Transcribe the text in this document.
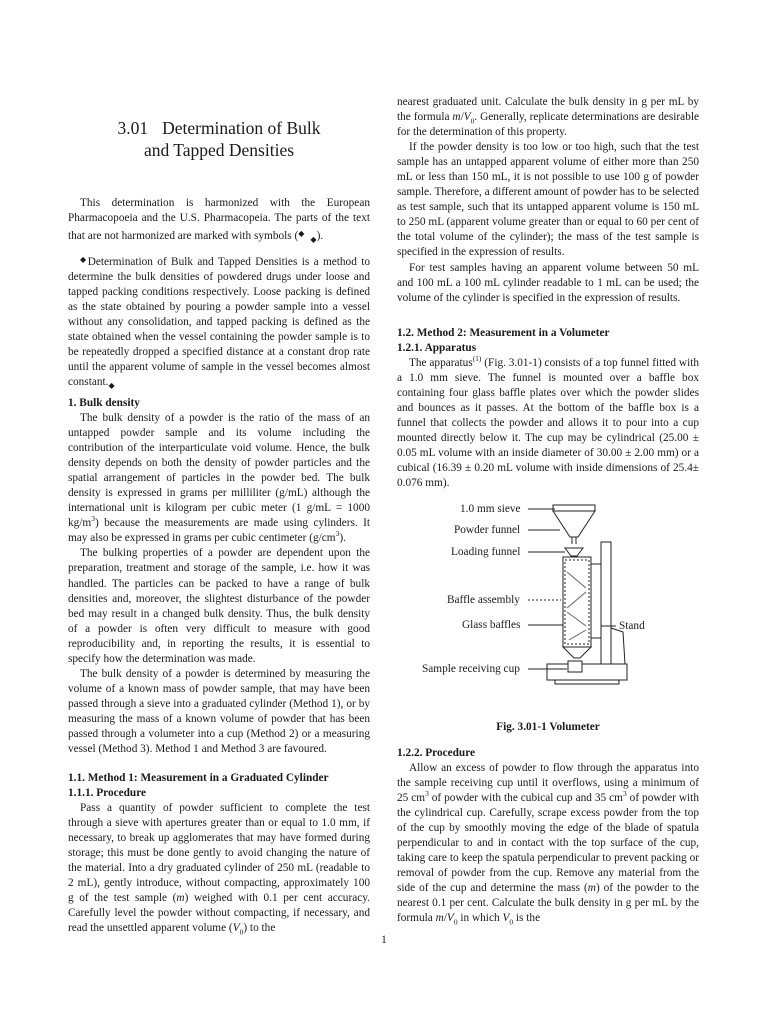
3.01 Determination of Bulk
and Tapped Densities

This determination is harmonized with the European Pharmacopoeia and the U.S. Pharmacopeia. The parts of the text that are not harmonized are marked with symbols $(^◆_◆)$.

◆Determination of Bulk and Tapped Densities is a method to determine the bulk densities of powdered drugs under loose and tapped packing conditions respectively. Loose packing is defined as the state obtained by pouring a powder sample into a vessel without any consolidation, and tapped packing is defined as the state obtained when the vessel containing the powder sample is to be repeatedly dropped a specified distance at a constant drop rate until the apparent volume of sample in the vessel becomes almost $constant._◆$

1. Bulk density

The bulk density of a powder is the ratio of the mass of an untapped powder sample and its volume including the contribution of the interparticulate void volume. Hence, the bulk density depends on both the density of powder particles and the spatial arrangement of particles in the powder bed. The bulk density is expressed in grams per milliliter (g/mL) although the international unit is kilogram per cubic meter (1 g/mL = 1000 $kg/m^3$) because the measurements are made using cylinders. It may also be expressed in grams per cubic centimeter $(g/cm^3)$.

The bulking properties of a powder are dependent upon the preparation, treatment and storage of the sample, i.e. how it was handled. The particles can be packed to have a range of bulk densities and, moreover, the slightest disturbance of the powder bed may result in a changed bulk density. Thus, the bulk density of a powder is often very difficult to measure with good reproducibility and, in reporting the results, it is essential to specify how the determination was made.

The bulk density of a powder is determined by measuring the volume of a known mass of powder sample, that may have been passed through a sieve into a graduated cylinder (Method 1), or by measuring the mass of a known volume of powder that has been passed through a volumeter into a cup (Method 2) or a measuring vessel (Method 3). Method 1 and Method 3 are favoured.

1.1. Method 1: Measurement in a Graduated Cylinder

1.1.1. Procedure

Pass a quantity of powder sufficient to complete the test through a sieve with apertures greater than or equal to 1.0 mm, if necessary, to break up agglomerates that may have formed during storage; this must be done gently to avoid changing the nature of the material. Into a dry graduated cylinder of 250 mL (readable to 2 mL), gently introduce, without compacting, approximately 100 g of the test sample (m) weighed with 0.1 per cent accuracy. Carefully level the powder without compacting, if necessary, and read the unsettled apparent volume $(V_0)$ to the

nearest graduated unit. Calculate the bulk density in g per mL by the formula $m/V_0$. Generally, replicate determinations are desirable for the determination of this property.

If the powder density is too low or too high, such that the test sample has an untapped apparent volume of either more than 250 mL or less than 150 mL, it is not possible to use 100 g of powder sample. Therefore, a different amount of powder has to be selected as test sample, such that its untapped apparent volume is 150 mL to 250 mL (apparent volume greater than or equal to 60 per cent of the total volume of the cylinder); the mass of the test sample is specified in the expression of results.

For test samples having an apparent volume between 50 mL and 100 mL a 100 mL cylinder readable to 1 mL can be used; the volume of the cylinder is specified in the expression of results.

1.2. Method 2: Measurement in a Volumeter

1.2.1. Apparatus

The apparatus$^{(1)}$ (Fig. 3.01-1) consists of a top funnel fitted with a 1.0 mm sieve. The funnel is mounted over a baffle box containing four glass baffle plates over which the powder slides and bounces as it passes. At the bottom of the baffle box is a funnel that collects the powder and allows it to pour into a cup mounted directly below it. The cup may be cylindrical (25.00 ± 0.05 mL volume with an inside diameter of 30.00 ± 2.00 mm) or a cubical (16.39 ± 0.20 mL volume with inside dimensions of 25.4± 0.076 mm).

1.2.2. Procedure

Allow an excess of powder to flow through the apparatus into the sample receiving cup until it overflows, using a minimum of 25 $cm^3$ of powder with the cubical cup and 35 $cm^3$ of powder with the cylindrical cup. Carefully, scrape excess powder from the top of the cup by smoothly moving the edge of the blade of spatula perpendicular to and in contact with the top surface of the cup, taking care to keep the spatula perpendicular to prevent packing or removal of powder from the cup. Remove any material from the side of the cup and determine the mass (m) of the powder to the nearest 0.1 per cent. Calculate the bulk density in g per mL by the formula $m/V_0$ in which $V_0$ is the

1.0 mm sieve
Powder funnel
Loading funnel
Baffle assembly
Glass baffles	Stand
Sample receiving cup
Fig. 3.01-1 Volumeter
1
